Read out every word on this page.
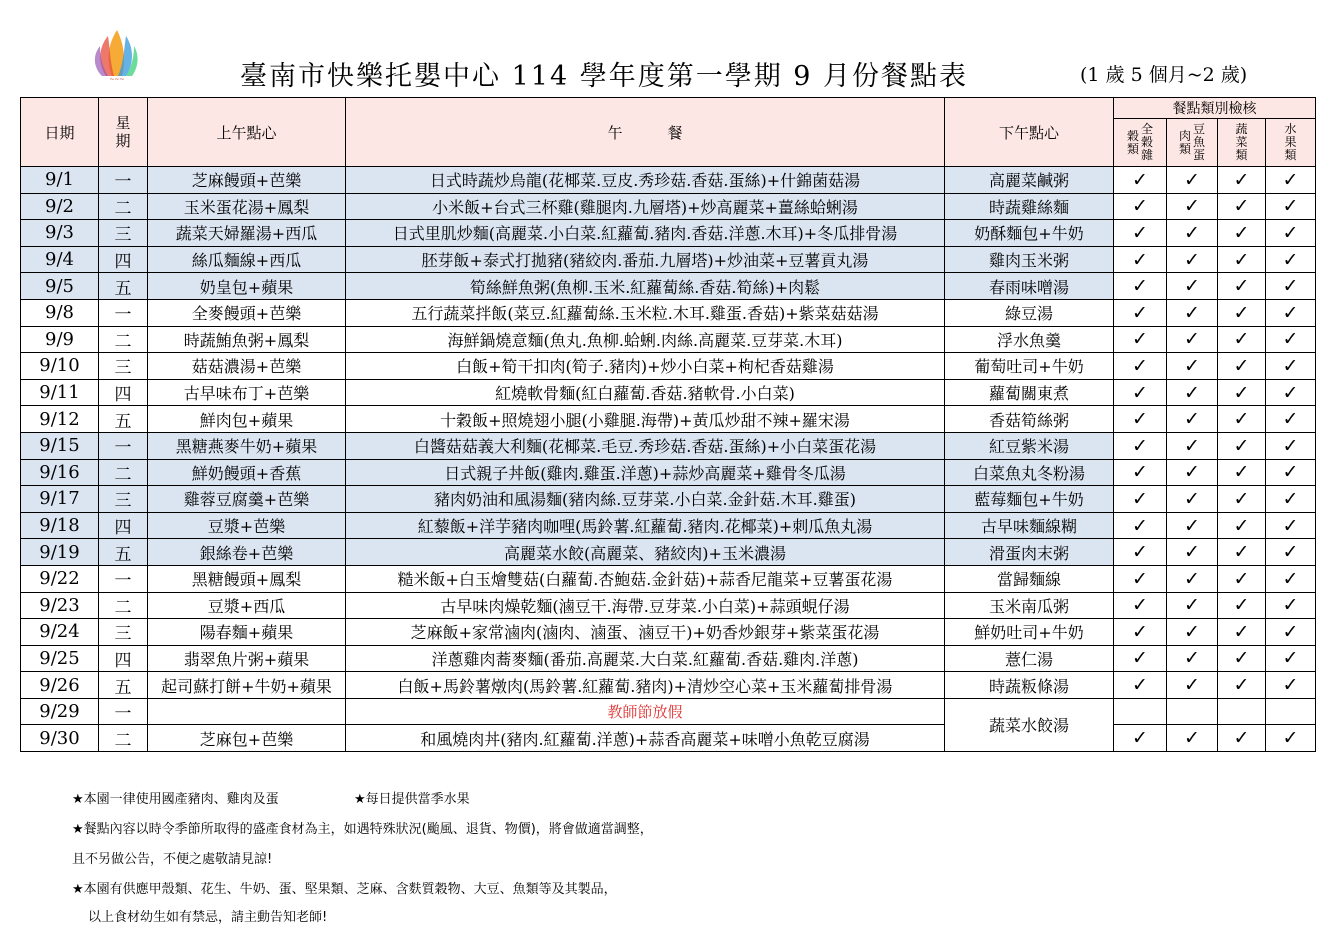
~~~	臺南市快樂托嬰中心 114 學年度第一學期 9 月份餐點表	(1 歲 5 個月~2 歲)
日期	星期	上午點心	午　　　餐	下午點心	餐點類別檢核			
					穀類全穀雜	肉類豆魚蛋	蔬菜類	水果類
9/1	一	芝麻饅頭+芭樂	日式時蔬炒烏龍(花椰菜.豆皮.秀珍菇.香菇.蛋絲)+什錦菌菇湯	高麗菜鹹粥	✓	✓	✓	✓
9/2	二	玉米蛋花湯+鳳梨	小米飯+台式三杯雞(雞腿肉.九層塔)+炒高麗菜+薑絲蛤蜊湯	時蔬雞絲麵	✓	✓	✓	✓
9/3	三	蔬菜天婦羅湯+西瓜	日式里肌炒麵(高麗菜.小白菜.紅蘿蔔.豬肉.香菇.洋蔥.木耳)+冬瓜排骨湯	奶酥麵包+牛奶	✓	✓	✓	✓
9/4	四	絲瓜麵線+西瓜	胚芽飯+泰式打拋豬(豬絞肉.番茄.九層塔)+炒油菜+豆薯貢丸湯	雞肉玉米粥	✓	✓	✓	✓
9/5	五	奶皇包+蘋果	筍絲鮮魚粥(魚柳.玉米.紅蘿蔔絲.香菇.筍絲)+肉鬆	春雨味噌湯	✓	✓	✓	✓
9/8	一	全麥饅頭+芭樂	五行蔬菜拌飯(菜豆.紅蘿蔔絲.玉米粒.木耳.雞蛋.香菇)+紫菜菇菇湯	綠豆湯	✓	✓	✓	✓
9/9	二	時蔬鮪魚粥+鳳梨	海鮮鍋燒意麵(魚丸.魚柳.蛤蜊.肉絲.高麗菜.豆芽菜.木耳)	浮水魚羹	✓	✓	✓	✓
9/10	三	菇菇濃湯+芭樂	白飯+筍干扣肉(筍子.豬肉)+炒小白菜+枸杞香菇雞湯	葡萄吐司+牛奶	✓	✓	✓	✓
9/11	四	古早味布丁+芭樂	紅燒軟骨麵(紅白蘿蔔.香菇.豬軟骨.小白菜)	蘿蔔關東煮	✓	✓	✓	✓
9/12	五	鮮肉包+蘋果	十穀飯+照燒翅小腿(小雞腿.海帶)+黃瓜炒甜不辣+羅宋湯	香菇筍絲粥	✓	✓	✓	✓
9/15	一	黑糖燕麥牛奶+蘋果	白醬菇菇義大利麵(花椰菜.毛豆.秀珍菇.香菇.蛋絲)+小白菜蛋花湯	紅豆紫米湯	✓	✓	✓	✓
9/16	二	鮮奶饅頭+香蕉	日式親子丼飯(雞肉.雞蛋.洋蔥)+蒜炒高麗菜+雞骨冬瓜湯	白菜魚丸冬粉湯	✓	✓	✓	✓
9/17	三	雞蓉豆腐羹+芭樂	豬肉奶油和風湯麵(豬肉絲.豆芽菜.小白菜.金針菇.木耳.雞蛋)	藍莓麵包+牛奶	✓	✓	✓	✓
9/18	四	豆漿+芭樂	紅藜飯+洋芋豬肉咖哩(馬鈴薯.紅蘿蔔.豬肉.花椰菜)+刺瓜魚丸湯	古早味麵線糊	✓	✓	✓	✓
9/19	五	銀絲卷+芭樂	高麗菜水餃(高麗菜、豬絞肉)+玉米濃湯	滑蛋肉末粥	✓	✓	✓	✓
9/22	一	黑糖饅頭+鳳梨	糙米飯+白玉燴雙菇(白蘿蔔.杏鮑菇.金針菇)+蒜香尼龍菜+豆薯蛋花湯	當歸麵線	✓	✓	✓	✓
9/23	二	豆漿+西瓜	古早味肉燥乾麵(滷豆干.海帶.豆芽菜.小白菜)+蒜頭蜆仔湯	玉米南瓜粥	✓	✓	✓	✓
9/24	三	陽春麵+蘋果	芝麻飯+家常滷肉(滷肉、滷蛋、滷豆干)+奶香炒銀芽+紫菜蛋花湯	鮮奶吐司+牛奶	✓	✓	✓	✓
9/25	四	翡翠魚片粥+蘋果	洋蔥雞肉蕎麥麵(番茄.高麗菜.大白菜.紅蘿蔔.香菇.雞肉.洋蔥)	薏仁湯	✓	✓	✓	✓
9/26	五	起司蘇打餅+牛奶+蘋果	白飯+馬鈴薯燉肉(馬鈴薯.紅蘿蔔.豬肉)+清炒空心菜+玉米蘿蔔排骨湯	時蔬粄條湯	✓	✓	✓	✓
9/29	一		教師節放假	蔬菜水餃湯				
9/30	二	芝麻包+芭樂	和風燒肉丼(豬肉.紅蘿蔔.洋蔥)+蒜香高麗菜+味噌小魚乾豆腐湯		✓	✓	✓	✓
★本園一律使用國產豬肉、雞肉及蛋	★每日提供當季水果
★餐點內容以時令季節所取得的盛產食材為主，如遇特殊狀況(颱風、退貨、物價)，將會做適當調整，
且不另做公告，不便之處敬請見諒!
★本園有供應甲殼類、花生、牛奶、蛋、堅果類、芝麻、含麩質穀物、大豆、魚類等及其製品，
以上食材幼生如有禁忌，請主動告知老師!
